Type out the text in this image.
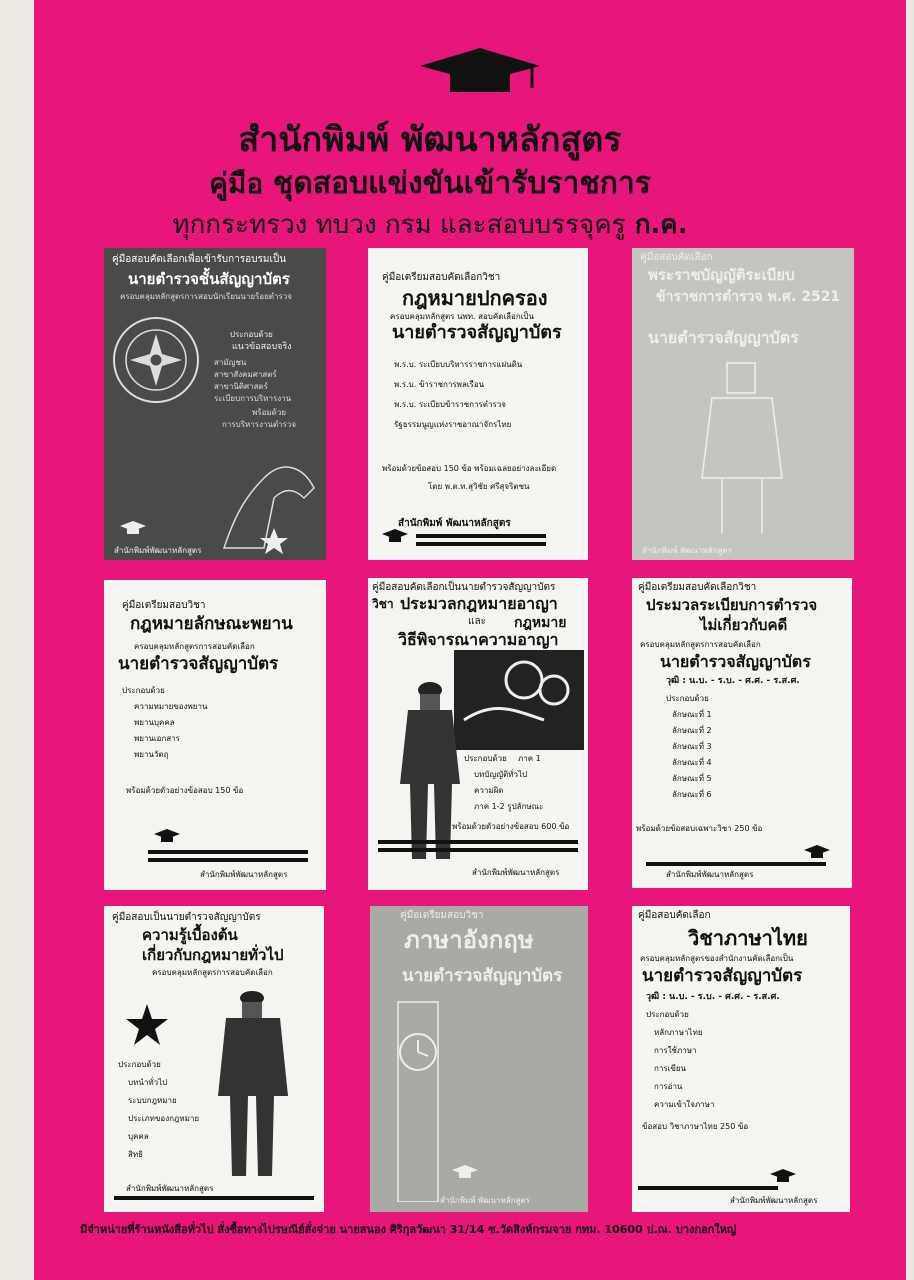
สำนักพิมพ์ พัฒนาหลักสูตร
คู่มือ ชุดสอบแข่งขันเข้ารับราชการ
ทุกกระทรวง ทบวง กรม และสอบบรรจุครู ก.ค.
คู่มือสอบคัดเลือกเพื่อเข้ารับการอบรมเป็น
นายตำรวจชั้นสัญญาบัตร
ครอบคลุมหลักสูตรการสอบนักเรียนนายร้อยตำรวจ
ประกอบด้วย
แนวข้อสอบจริง
สามัญชน
สาขาสังคมศาสตร์
สาขานิติศาสตร์
ระเบียบการบริหารงาน
พร้อมด้วย
การบริหารงานตำรวจ
สำนักพิมพ์พัฒนาหลักสูตร
คู่มือเตรียมสอบคัดเลือกวิชา
กฎหมายปกครอง
ครอบคลุมหลักสูตร นพท. สอบคัดเลือกเป็น
นายตำรวจสัญญาบัตร
พ.ร.บ. ระเบียบบริหารราชการแผ่นดิน
พ.ร.บ. ข้าราชการพลเรือน
พ.ร.บ. ระเบียบข้าราชการตำรวจ
รัฐธรรมนูญแห่งราชอาณาจักรไทย
พร้อมด้วยข้อสอบ 150 ข้อ พร้อมเฉลยอย่างละเอียด
โดย พ.ต.ท.สุวิชัย ศรีสุจริตชน
สำนักพิมพ์ พัฒนาหลักสูตร
คู่มือสอบคัดเลือก
พระราชบัญญัติระเบียบ
ข้าราชการตำรวจ พ.ศ. 2521
นายตำรวจสัญญาบัตร
สำนักพิมพ์ พัฒนาหลักสูตร
คู่มือเตรียมสอบวิชา
กฎหมายลักษณะพยาน
ครอบคลุมหลักสูตรการสอบคัดเลือก
นายตำรวจสัญญาบัตร
ประกอบด้วย
ความหมายของพยาน
พยานบุคคล
พยานเอกสาร
พยานวัตถุ
พร้อมด้วยตัวอย่างข้อสอบ 150 ข้อ
สำนักพิมพ์พัฒนาหลักสูตร
คู่มือสอบคัดเลือกเป็นนายตำรวจสัญญาบัตร
วิชา ประมวลกฎหมายอาญา
และ กฎหมาย
วิธีพิจารณาความอาญา
ประกอบด้วย ภาค 1
บทบัญญัติทั่วไป
ความผิด
ภาค 1-2 รูปลักษณะ
พร้อมด้วยตัวอย่างข้อสอบ 600 ข้อ
สำนักพิมพ์พัฒนาหลักสูตร
คู่มือเตรียมสอบคัดเลือกวิชา
ประมวลระเบียบการตำรวจ
ไม่เกี่ยวกับคดี
ครอบคลุมหลักสูตรการสอบคัดเลือก
นายตำรวจสัญญาบัตร
วุฒิ : น.บ. - ร.บ. - ศ.ศ. - ร.ส.ศ.
ประกอบด้วย
ลักษณะที่ 1
ลักษณะที่ 2
ลักษณะที่ 3
ลักษณะที่ 4
ลักษณะที่ 5
ลักษณะที่ 6
พร้อมด้วยข้อสอบเฉพาะวิชา 250 ข้อ
สำนักพิมพ์พัฒนาหลักสูตร
คู่มือสอบเป็นนายตำรวจสัญญาบัตร
ความรู้เบื้องต้น
เกี่ยวกับกฎหมายทั่วไป
ครอบคลุมหลักสูตรการสอบคัดเลือก
ประกอบด้วย
บทนำทั่วไป
ระบบกฎหมาย
ประเภทของกฎหมาย
บุคคล
สิทธิ
สำนักพิมพ์พัฒนาหลักสูตร
คู่มือเตรียมสอบวิชา
ภาษาอังกฤษ
นายตำรวจสัญญาบัตร
สำนักพิมพ์ พัฒนาหลักสูตร
คู่มือสอบคัดเลือก
วิชาภาษาไทย
ครอบคลุมหลักสูตรของสำนักงานคัดเลือกเป็น
นายตำรวจสัญญาบัตร
วุฒิ : น.บ. - ร.บ. - ศ.ศ. - ร.ส.ศ.
ประกอบด้วย
หลักภาษาไทย
การใช้ภาษา
การเขียน
การอ่าน
ความเข้าใจภาษา
ข้อสอบ วิชาภาษาไทย 250 ข้อ
สำนักพิมพ์พัฒนาหลักสูตร
มีจำหน่ายที่ร้านหนังสือทั่วไป สั่งซื้อทางไปรษณีย์สั่งจ่าย นายสนอง ศิริกุลวัฒนา 31/14 ซ.วัดสิงห์กรมจาย กทม. 10600 ป.ณ. บางกอกใหญ่
